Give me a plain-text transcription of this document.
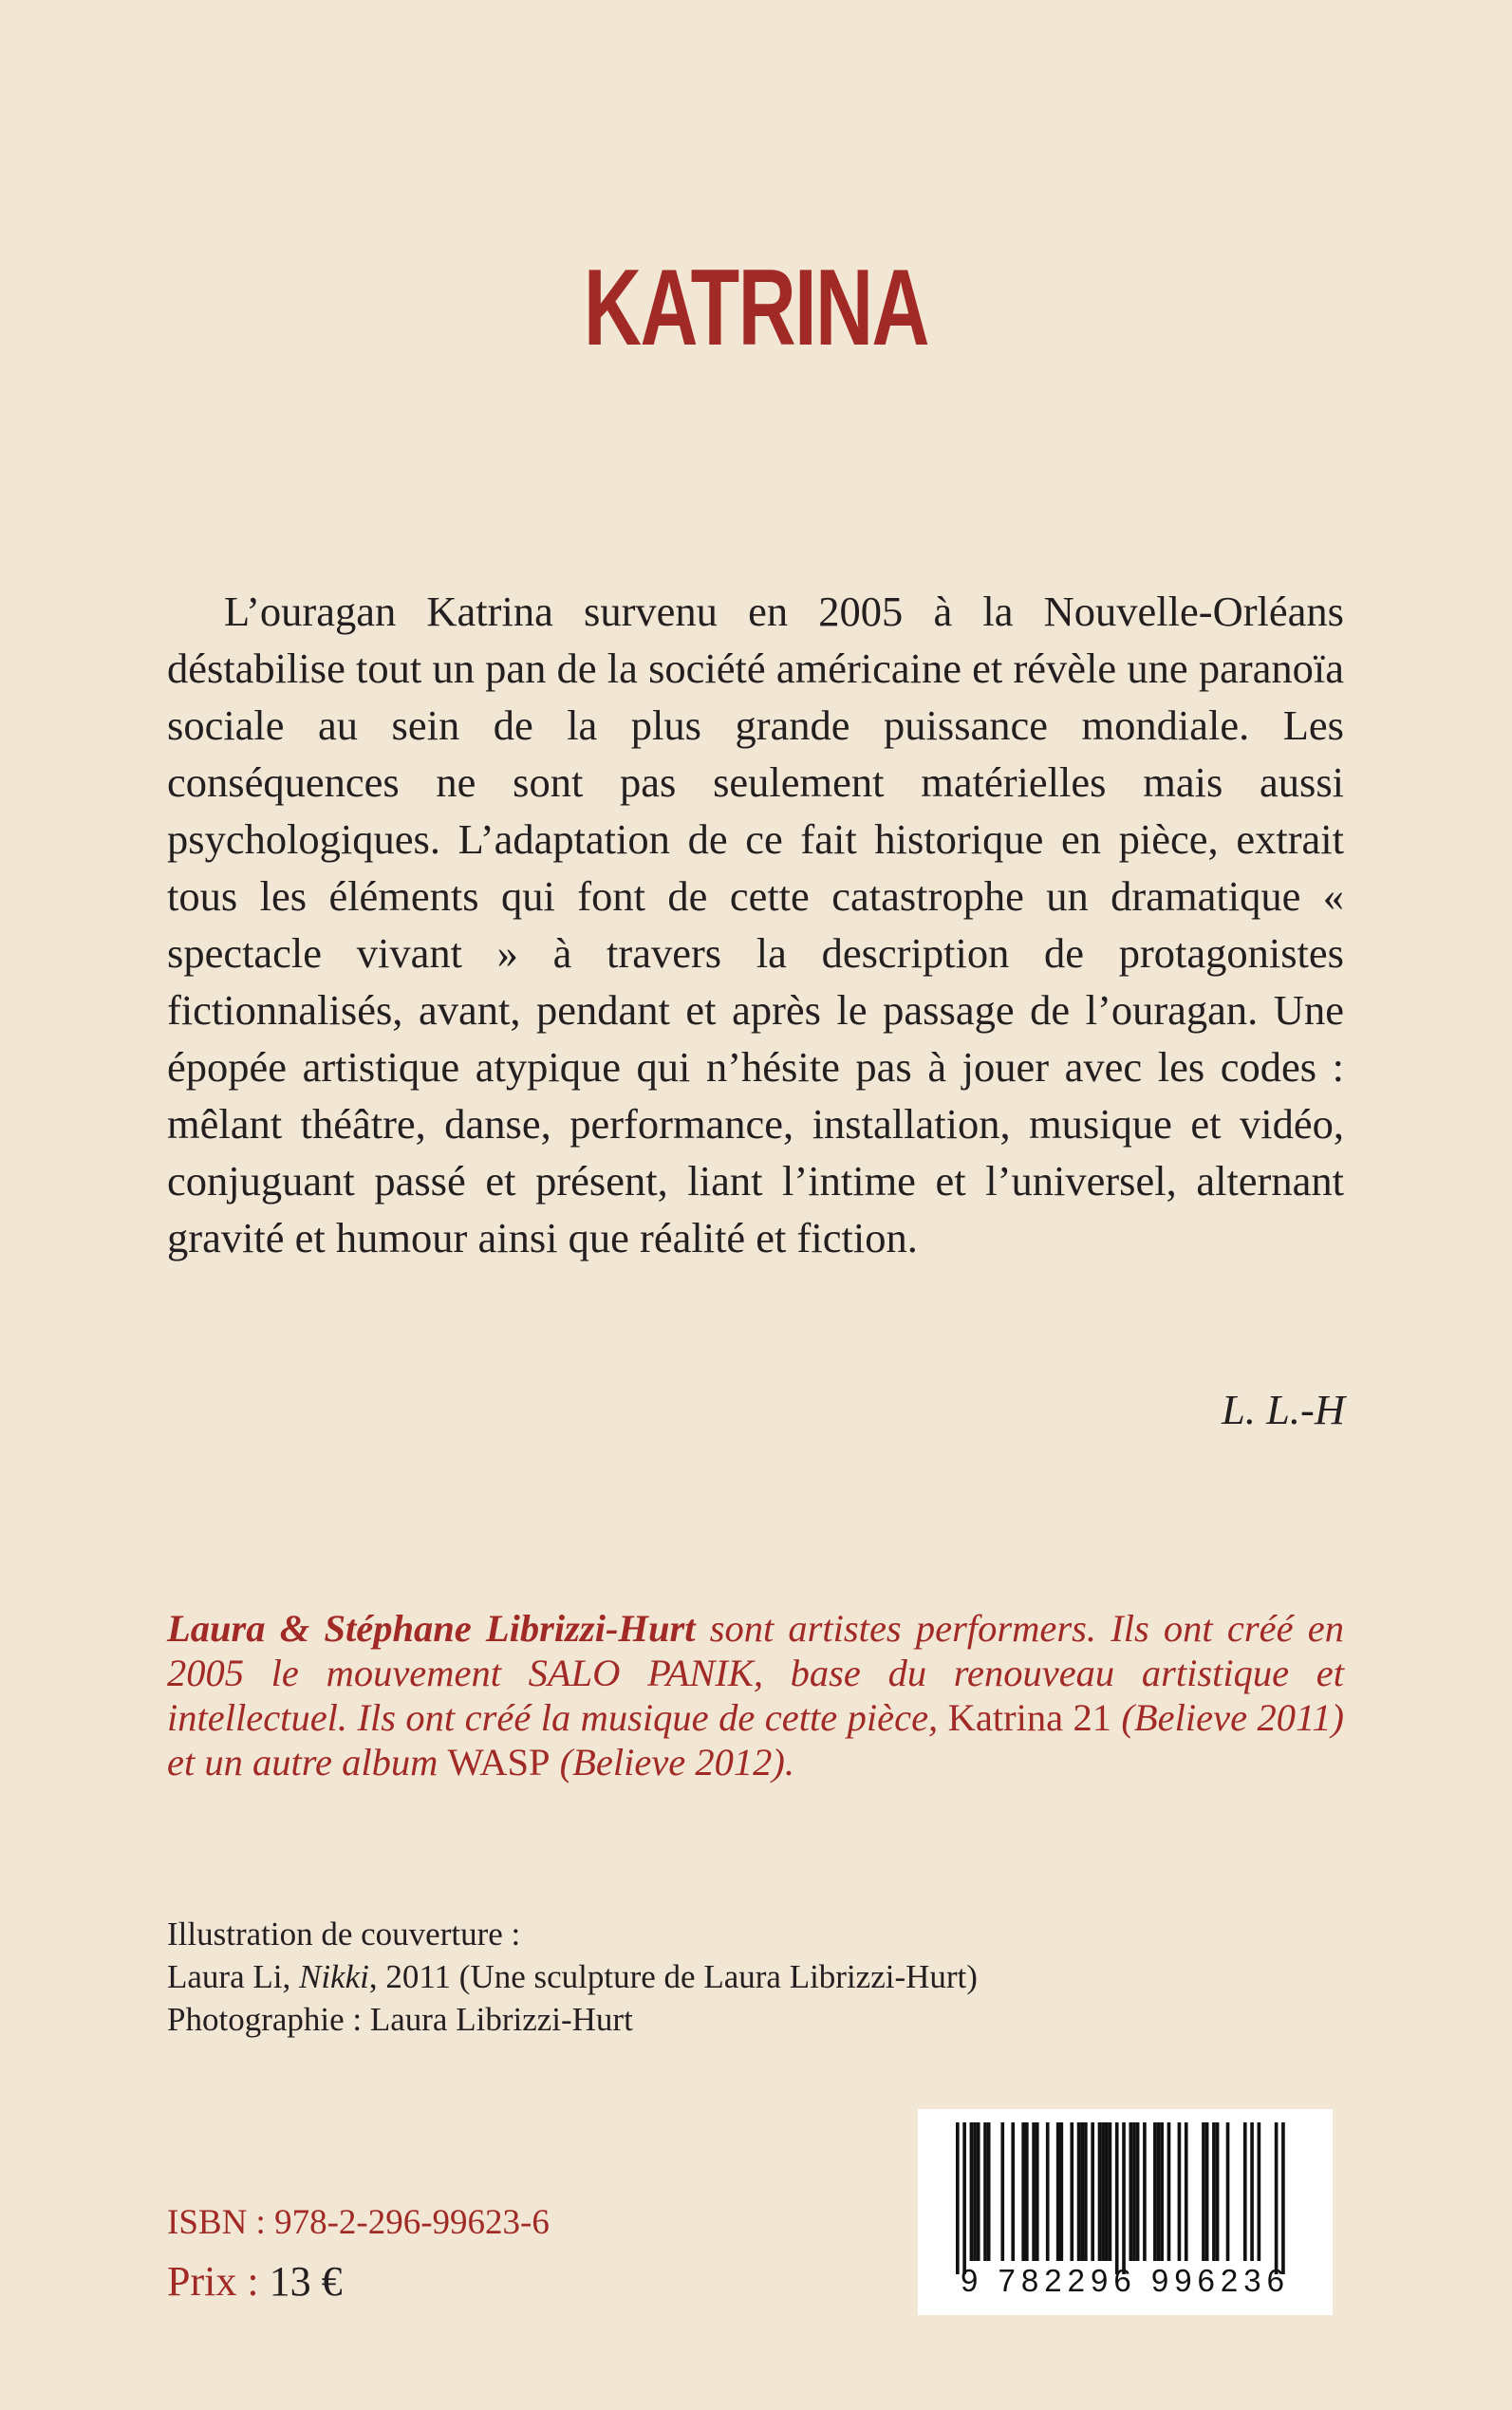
KATRINA

L’ouragan Katrina survenu en 2005 à la Nouvelle-Orléans déstabilise tout un pan de la société américaine et révèle une paranoïa sociale au sein de la plus grande puissance mondiale. Les conséquences ne sont pas seulement matérielles mais aussi psychologiques. L’adaptation de ce fait historique en pièce, extrait tous les éléments qui font de cette catastrophe un dramatique « spectacle vivant » à travers la description de protagonistes fictionnalisés, avant, pendant et après le passage de l’ouragan. Une épopée artistique atypique qui n’hésite pas à jouer avec les codes : mêlant théâtre, danse, performance, installation, musique et vidéo, conjuguant passé et présent, liant l’intime et l’universel, alternant gravité et humour ainsi que réalité et fiction.

L. L.-H
Laura & Stéphane Librizzi-Hurt sont artistes performers. Ils ont créé en 2005 le mouvement SALO PANIK, base du renouveau artistique et intellectuel. Ils ont créé la musique de cette pièce, Katrina 21 (Believe 2011) et un autre album WASP (Believe 2012).
Illustration de couverture :
Laura Li, Nikki, 2011 (Une sculpture de Laura Librizzi-Hurt)
Photographie : Laura Librizzi-Hurt
ISBN : 978-2-296-99623-6
Prix : 13 €	9 782296 996236
